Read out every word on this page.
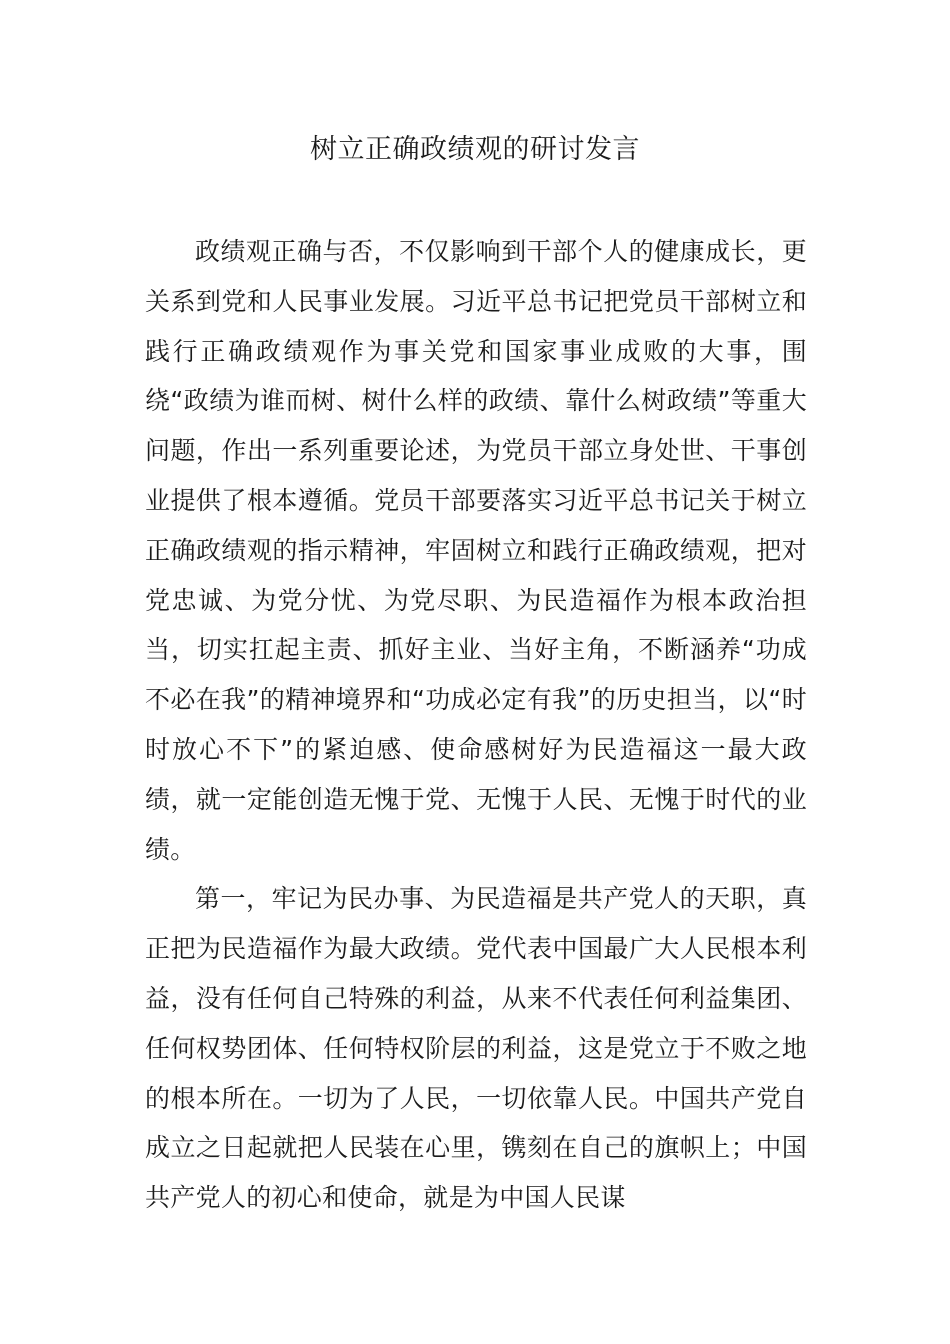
树立正确政绩观的研讨发言

政绩观正确与否，不仅影响到干部个人的健康成长，更关系到党和人民事业发展。习近平总书记把党员干部树立和践行正确政绩观作为事关党和国家事业成败的大事，围绕“政绩为谁而树、树什么样的政绩、靠什么树政绩”等重大问题，作出一系列重要论述，为党员干部立身处世、干事创业提供了根本遵循。党员干部要落实习近平总书记关于树立正确政绩观的指示精神，牢固树立和践行正确政绩观，把对党忠诚、为党分忧、为党尽职、为民造福作为根本政治担当，切实扛起主责、抓好主业、当好主角，不断涵养“功成不必在我”的精神境界和“功成必定有我”的历史担当，以“时时放心不下”的紧迫感、使命感树好为民造福这一最大政绩，就一定能创造无愧于党、无愧于人民、无愧于时代的业绩。

第一，牢记为民办事、为民造福是共产党人的天职，真正把为民造福作为最大政绩。党代表中国最广大人民根本利益，没有任何自己特殊的利益，从来不代表任何利益集团、任何权势团体、任何特权阶层的利益，这是党立于不败之地的根本所在。一切为了人民，一切依靠人民。中国共产党自成立之日起就把人民装在心里，镌刻在自己的旗帜上；中国共产党人的初心和使命，就是为中国人民谋
